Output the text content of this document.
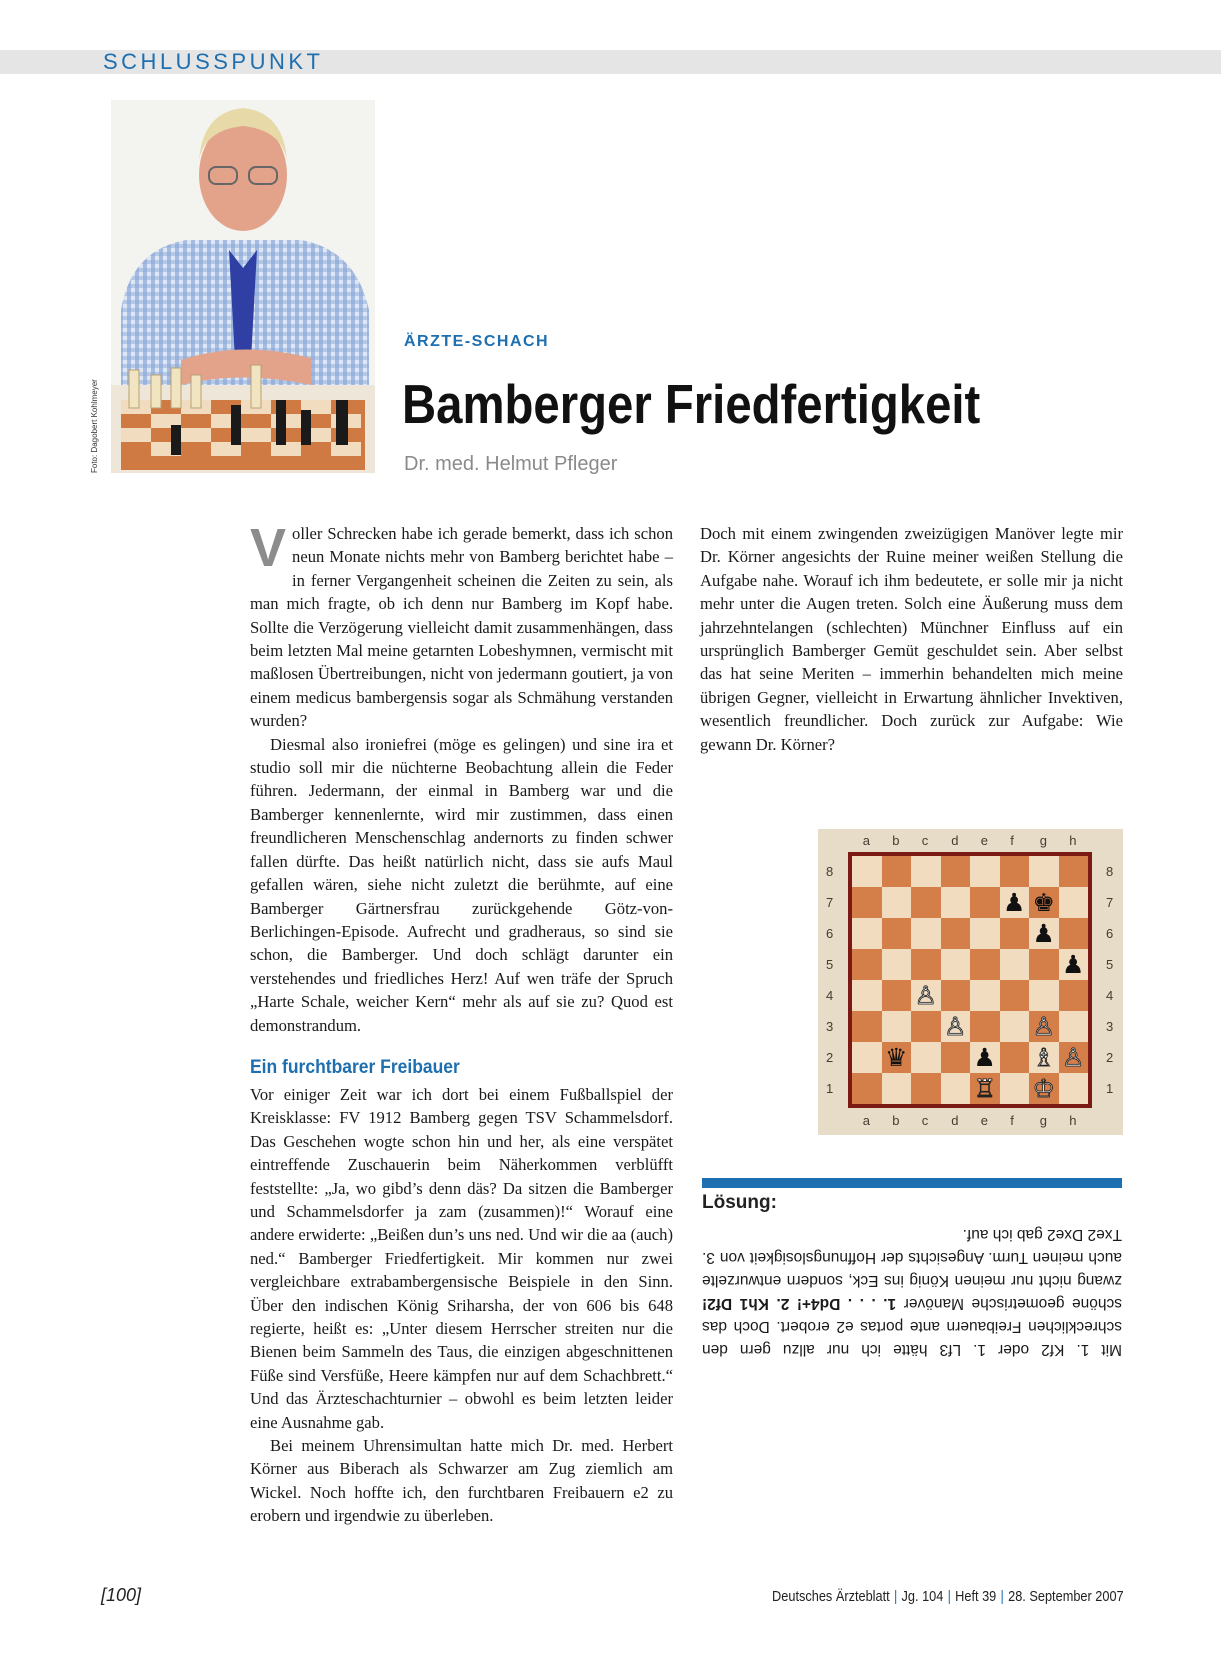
SCHLUSSPUNKT
Foto: Dagobert Kohlmeyer
ÄRZTE-SCHACH
Bamberger Friedfertigkeit
Dr. med. Helmut Pfleger

Voller Schrecken habe ich gerade bemerkt, dass ich schon neun Monate nichts mehr von Bamberg berichtet habe – in ferner Vergangenheit scheinen die Zeiten zu sein, als man mich fragte, ob ich denn nur Bamberg im Kopf habe. Sollte die Verzögerung vielleicht damit zusammenhängen, dass beim letzten Mal meine getarnten Lobeshymnen, vermischt mit maßlosen Übertreibungen, nicht von jedermann goutiert, ja von einem medicus bambergensis sogar als Schmähung verstanden wurden?

Diesmal also ironiefrei (möge es gelingen) und sine ira et studio soll mir die nüchterne Beobachtung allein die Feder führen. Jedermann, der einmal in Bamberg war und die Bamberger kennenlernte, wird mir zustimmen, dass einen freundlicheren Menschenschlag andernorts zu finden schwer fallen dürfte. Das heißt natürlich nicht, dass sie aufs Maul gefallen wären, siehe nicht zuletzt die berühmte, auf eine Bamberger Gärtnersfrau zurückgehende Götz-von-Berlichingen-Episode. Aufrecht und gradheraus, so sind sie schon, die Bamberger. Und doch schlägt darunter ein verstehendes und friedliches Herz! Auf wen träfe der Spruch „Harte Schale, weicher Kern“ mehr als auf sie zu? Quod est demonstrandum.

Ein furchtbarer Freibauer

Vor einiger Zeit war ich dort bei einem Fußballspiel der Kreisklasse: FV 1912 Bamberg gegen TSV Schammelsdorf. Das Geschehen wogte schon hin und her, als eine verspätet eintreffende Zuschauerin beim Näherkommen verblüfft feststellte: „Ja, wo gibd’s denn däs? Da sitzen die Bamberger und Schammelsdorfer ja zam (zusammen)!“ Worauf eine andere erwiderte: „Beißen dun’s uns ned. Und wir die aa (auch) ned.“ Bamberger Friedfertigkeit. Mir kommen nur zwei vergleichbare extrabambergensische Beispiele in den Sinn. Über den indischen König Sriharsha, der von 606 bis 648 regierte, heißt es: „Unter diesem Herrscher streiten nur die Bienen beim Sammeln des Taus, die einzigen abgeschnittenen Füße sind Versfüße, Heere kämpfen nur auf dem Schachbrett.“ Und das Ärzteschachturnier – obwohl es beim letzten leider eine Ausnahme gab.

Bei meinem Uhrensimultan hatte mich Dr. med. Herbert Körner aus Biberach als Schwarzer am Zug ziemlich am Wickel. Noch hoffte ich, den furchtbaren Freibauern e2 zu erobern und irgendwie zu überleben.

Doch mit einem zwingenden zweizügigen Manöver legte mir Dr. Körner angesichts der Ruine meiner weißen Stellung die Aufgabe nahe. Worauf ich ihm bedeutete, er solle mir ja nicht mehr unter die Augen treten. Solch eine Äußerung muss dem jahrzehntelangen (schlechten) Münchner Einfluss auf ein ursprünglich Bamberger Gemüt geschuldet sein. Aber selbst das hat seine Meriten – immerhin behandelten mich meine übrigen Gegner, vielleicht in Erwartung ähnlicher Invektiven, wesentlich freundlicher. Doch zurück zur Aufgabe: Wie gewann Dr. Körner?

♟ ♚
♟
♟
♙
♙	♙
♛	♟ ♗ ♙
♖ ♔
a
a
b
b
c
c
d
d
e
e
f
f
g
g
h
h
8	8
7	7
6	6
5	5
4	4
3	3
2	2
1	1
Lösung:
Mit 1. Kf2 oder 1. Lf3 hätte ich nur allzu gern den schrecklichen Freibauern ante portas e2 erobert. Doch das schöne geometrische Manöver 1. . . . Dd4+! 2. Kh1 Df2! zwang nicht nur meinen König ins Eck, sondern entwurzelte auch meinen Turm. Angesichts der Hoffnungslosigkeit von 3. Txe2 Dxe2 gab ich auf.
[100]	Deutsches Ärzteblatt | Jg. 104 | Heft 39 | 28. September 2007
